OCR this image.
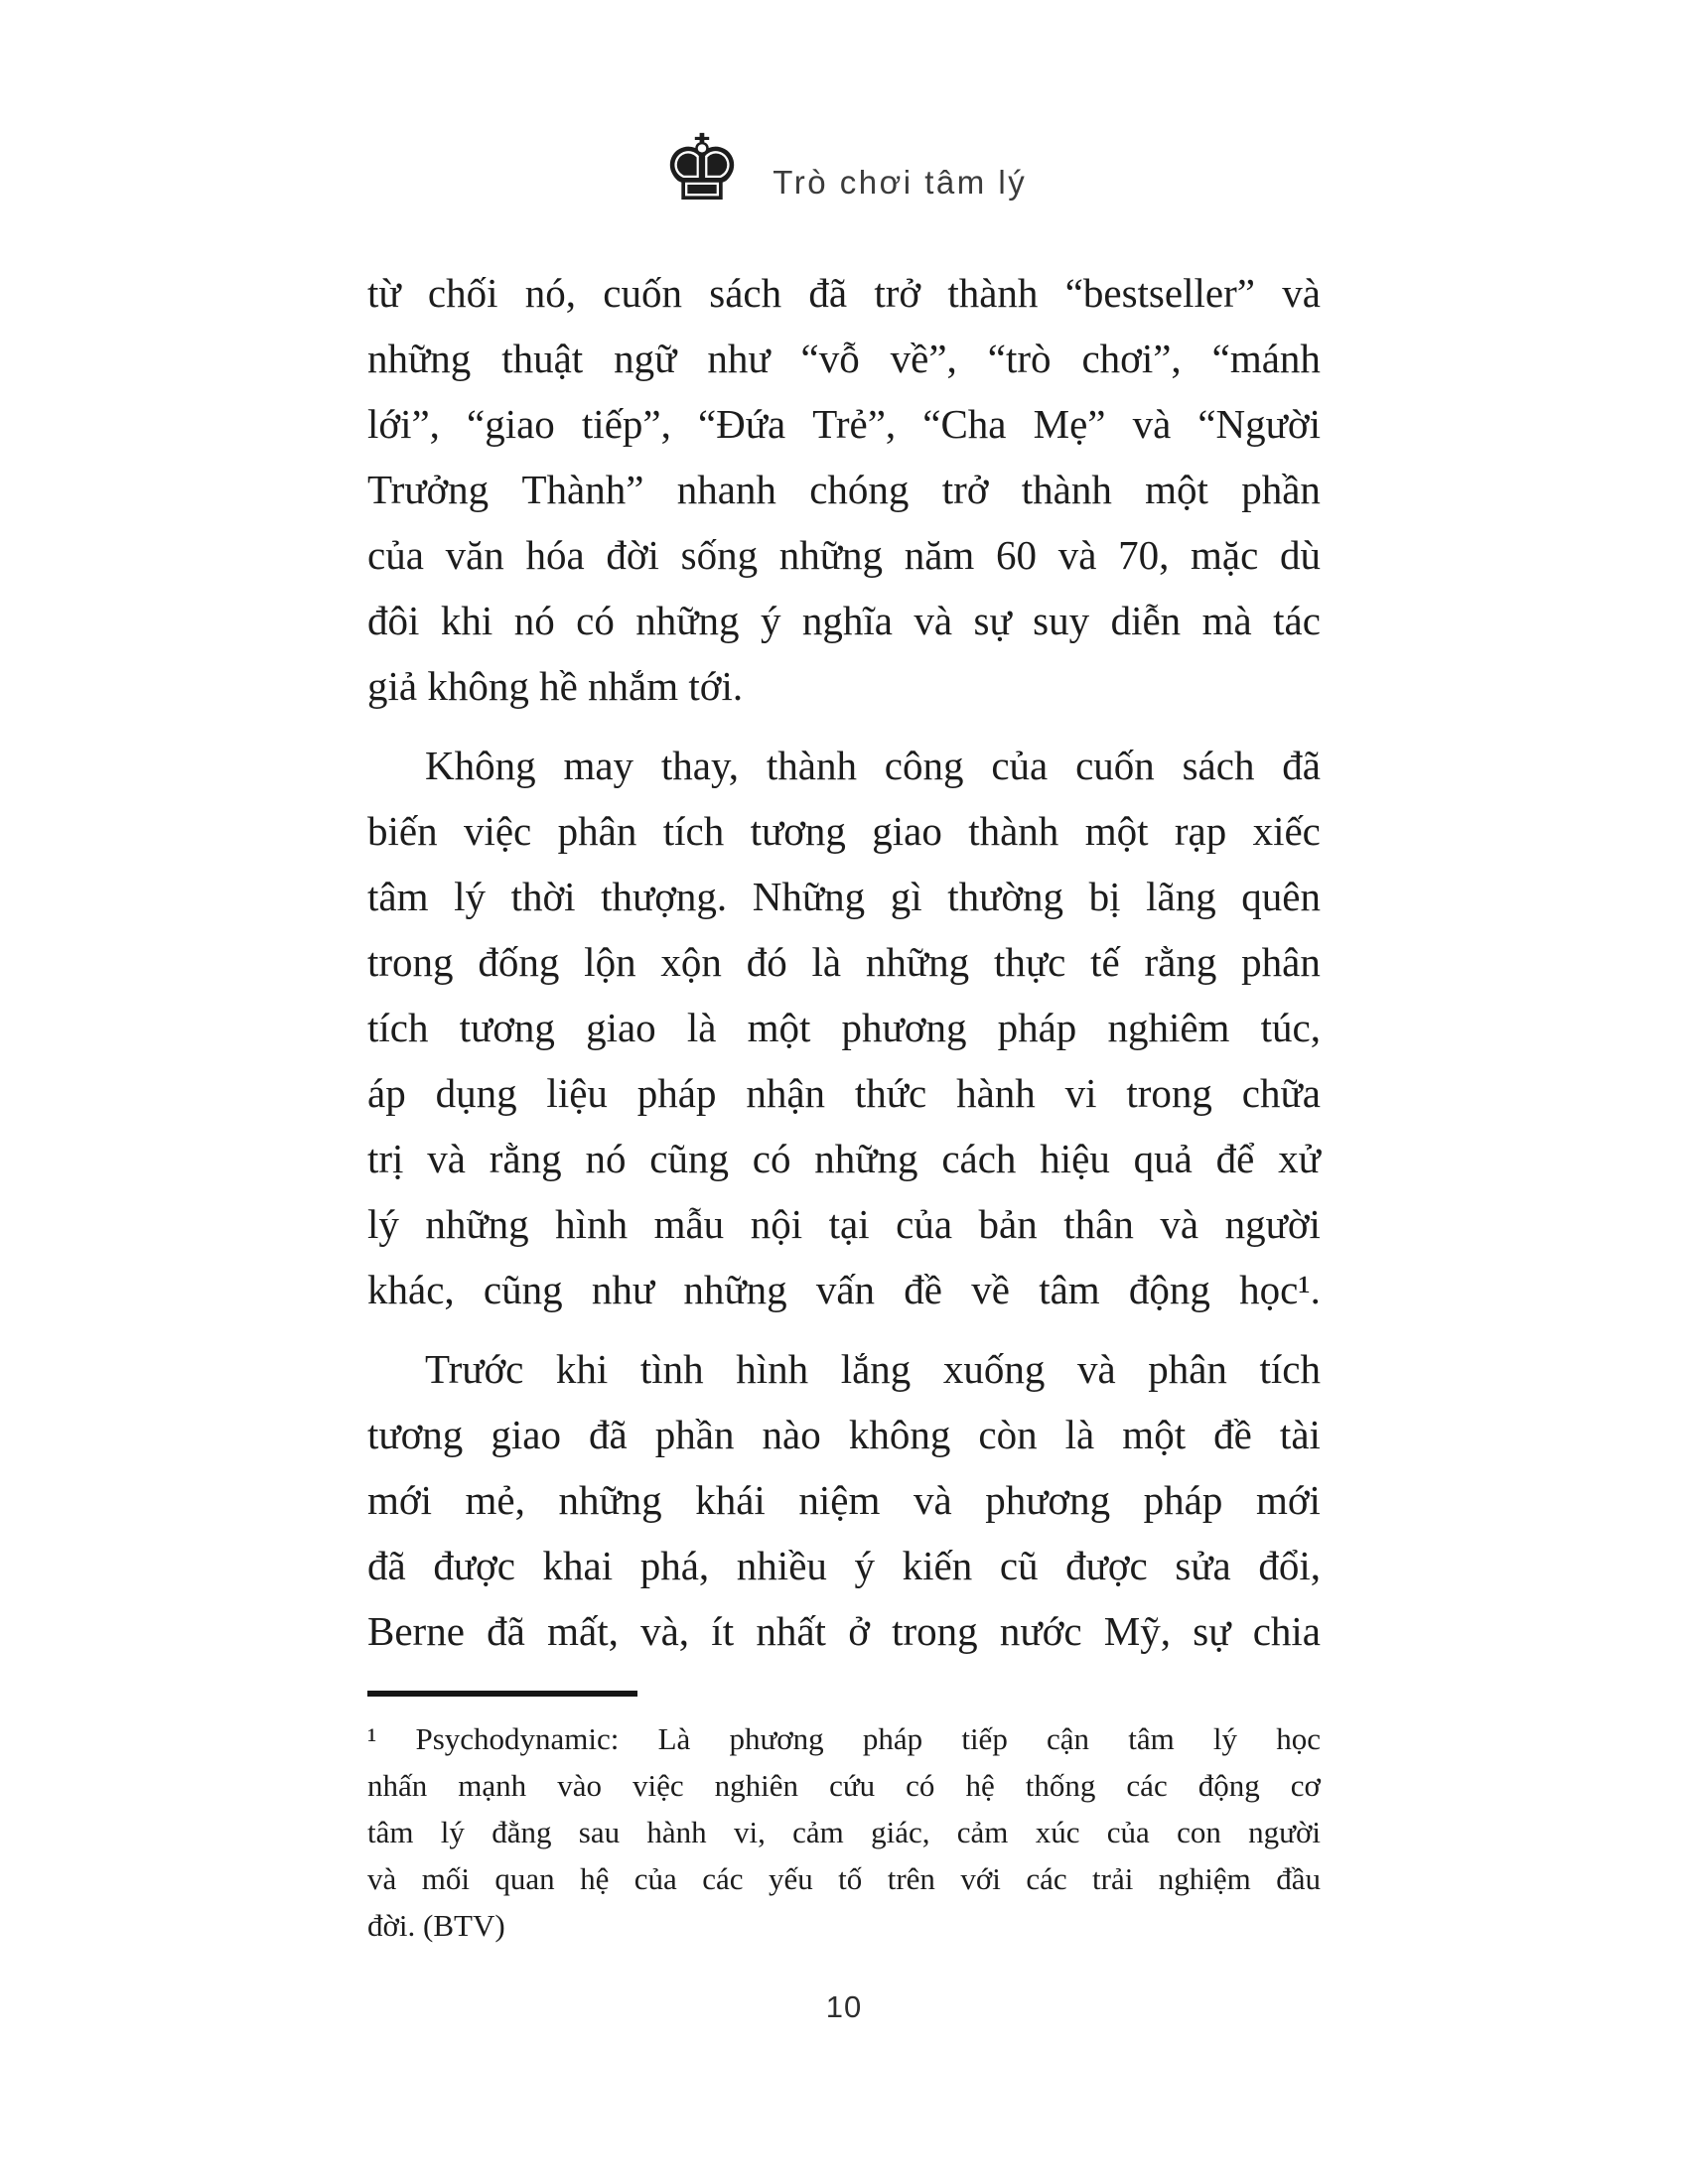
♚ Trò chơi tâm lý
từ chối nó, cuốn sách đã trở thành “bestseller” và
những thuật ngữ như “vỗ về”, “trò chơi”, “mánh
lới”, “giao tiếp”, “Đứa Trẻ”, “Cha Mẹ” và “Người
Trưởng Thành” nhanh chóng trở thành một phần
của văn hóa đời sống những năm 60 và 70, mặc dù
đôi khi nó có những ý nghĩa và sự suy diễn mà tác
giả không hề nhắm tới.
Không may thay, thành công của cuốn sách đã
biến việc phân tích tương giao thành một rạp xiếc
tâm lý thời thượng. Những gì thường bị lãng quên
trong đống lộn xộn đó là những thực tế rằng phân
tích tương giao là một phương pháp nghiêm túc,
áp dụng liệu pháp nhận thức hành vi trong chữa
trị và rằng nó cũng có những cách hiệu quả để xử
lý những hình mẫu nội tại của bản thân và người
khác, cũng như những vấn đề về tâm động học¹.
Trước khi tình hình lắng xuống và phân tích
tương giao đã phần nào không còn là một đề tài
mới mẻ, những khái niệm và phương pháp mới
đã được khai phá, nhiều ý kiến cũ được sửa đổi,
Berne đã mất, và, ít nhất ở trong nước Mỹ, sự chia
¹ Psychodynamic: Là phương pháp tiếp cận tâm lý học
nhấn mạnh vào việc nghiên cứu có hệ thống các động cơ
tâm lý đằng sau hành vi, cảm giác, cảm xúc của con người
và mối quan hệ của các yếu tố trên với các trải nghiệm đầu
đời. (BTV)
10
